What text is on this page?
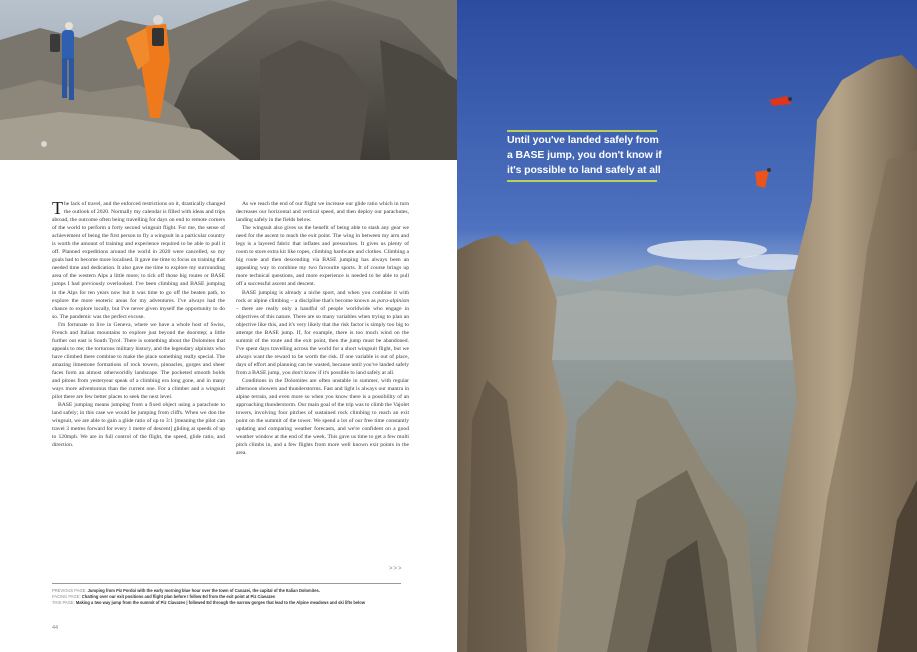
The lack of travel, and the enforced restrictions on it, drastically changed the outlook of 2020. Normally my calendar is filled with ideas and trips abroad, the outcome often being travelling for days on end to remote corners of the world to perform a forty second wingsuit flight. For me, the sense of achievement of being the first person to fly a wingsuit in a particular country is worth the amount of training and experience required to be able to pull it off. Planned expeditions around the world in 2020 were cancelled, so my goals had to become more localised. It gave me time to focus on training that needed time and dedication. It also gave me time to explore my surrounding area of the western Alps a little more; to tick off those big routes or BASE jumps I had previously overlooked. I've been climbing and BASE jumping in the Alps for ten years now but it was time to go off the beaten path, to explore the more esoteric areas for my adventures. I've always had the chance to explore locally, but I've never given myself the opportunity to do so. The pandemic was the perfect excuse.

I'm fortunate to live in Geneva, where we have a whole host of Swiss, French and Italian mountains to explore just beyond the doorstep; a little further out east is South Tyrol. There is something about the Dolomites that appeals to me; the torturous military history, and the legendary alpinists who have climbed there combine to make the place something really special. The amazing limestone formations of rock towers, pinnacles, gorges and sheer faces form an almost otherworldly landscape. The pocketed smooth holds and pitons from yesteryear speak of a climbing era long gone, and in many ways more adventurous than the current one. For a climber and a wingsuit pilot there are few better places to seek the next level.

BASE jumping means jumping from a fixed object using a parachute to land safely; in this case we would be jumping from cliffs. When we don the wingsuit, we are able to gain a glide ratio of up to 3:1 [meaning the pilot can travel 3 metres forward for every 1 metre of descent] gliding at speeds of up to 120mph. We are in full control of the flight, the speed, glide ratio, and direction.

As we reach the end of our flight we increase our glide ratio which in turn decreases our horizontal and vertical speed, and then deploy our parachutes, landing safely in the fields below.

The wingsuit also gives us the benefit of being able to stash any gear we need for the ascent to reach the exit point. The wing in between my arm and legs is a layered fabric that inflates and pressurises. It gives us plenty of room to store extra kit like ropes, climbing hardware and clothes. Climbing a big route and then descending via BASE jumping has always been an appealing way to combine my two favourite sports. It of course brings up more technical questions, and more experience is needed to be able to pull off a successful ascent and descent.

BASE jumping is already a niche sport, and when you combine it with rock or alpine climbing – a discipline that's become known as para-alpinism – there are really only a handful of people worldwide who engage in objectives of this nature. There are so many variables when trying to plan an objective like this, and it's very likely that the risk factor is simply too big to attempt the BASE jump. If, for example, there is too much wind on the summit of the route and the exit point, then the jump must be abandoned. I've spent days travelling across the world for a short wingsuit flight, but we always want the reward to be worth the risk. If one variable is out of place, days of effort and planning can be wasted, because until you've landed safely from a BASE jump, you don't know if it's possible to land safely at all.

Conditions in the Dolomites are often unstable in summer, with regular afternoon showers and thunderstorms. Fast and light is always our mantra in alpine terrain, and even more so when you know there is a possibility of an approaching thunderstorm. Our main goal of the trip was to climb the Vajolet towers, involving four pitches of sustained rock climbing to reach an exit point on the summit of the tower. We spend a lot of our free time constantly updating and comparing weather forecasts, and we're confident on a good weather window at the end of the week. This gave us time to get a few multi pitch climbs in, and a few flights from more well known exit points in the area.

>>>
PREVIOUS PAGE: Jumping from Piz Pordoi with the early morning blue hour over the town of Canazei, the capital of the Italian Dolomites.
FACING PAGE: Chatting over our exit positions and flight plan before I follow Ed from the exit point at Piz Ciavazes
THIS PAGE: Making a two way jump from the summit of Piz Ciavazes | followed Ed through the narrow gorges that lead to the Alpine meadows and ski lifts below
44
Until you've landed safely from a BASE jump, you don't know if it's possible to land safely at all
